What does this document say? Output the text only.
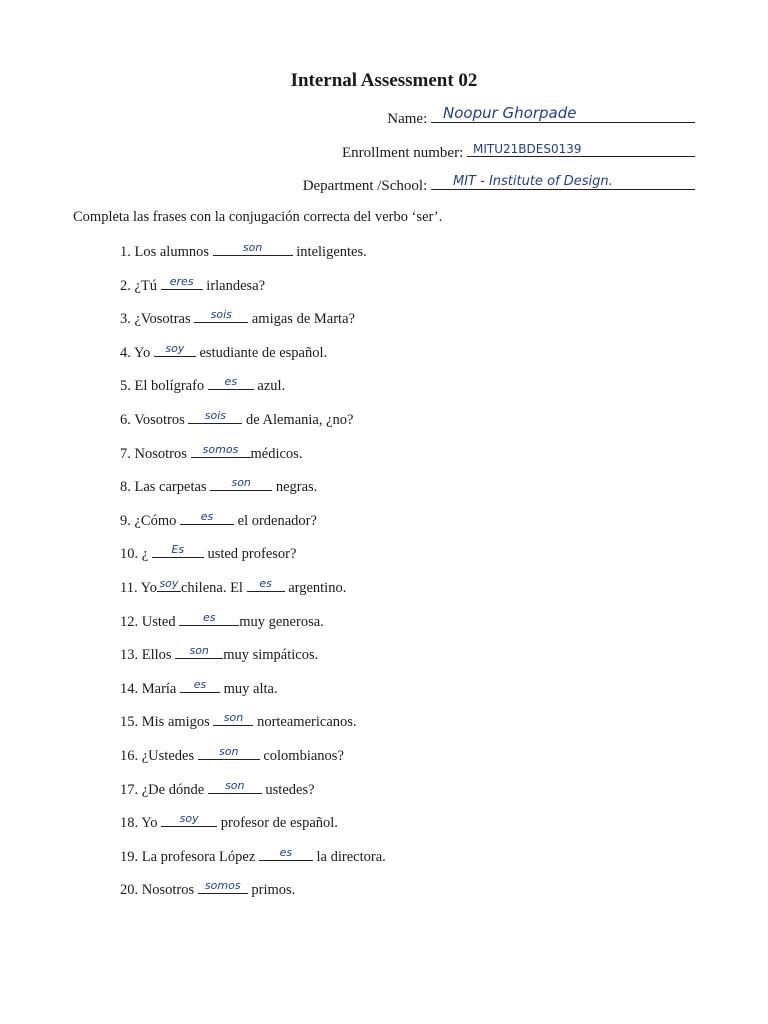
Internal Assessment 02
Name: Noopur Ghorpade
Enrollment number: MITU21BDES0139
Department /School: MIT - Institute of Design.
Completa las frases con la conjugación correcta del verbo ‘ser’.
1. Los alumnos	son	inteligentes.
2. ¿Tú eres irlandesa?
3. ¿Vosotras	sois	amigas de Marta?
4. Yo	soy estudiante de español.
5. El bolígrafo	es	azul.
6. Vosotros	sois	de Alemania, ¿no?
7. Nosotros	somos médicos.
8. Las carpetas	son	negras.
9. ¿Cómo	es	el ordenador?
10. ¿	Es	usted profesor?
11. Yo soy chilena. El	es argentino.
12. Usted	es	muy generosa.
13. Ellos	son muy simpáticos.
14. María	es muy alta.
15. Mis amigos son norteamericanos.
16. ¿Ustedes	son	colombianos?
17. ¿De dónde	son	ustedes?
18. Yo	soy	profesor de español.
19. La profesora López	es	la directora.
20. Nosotros somos primos.
